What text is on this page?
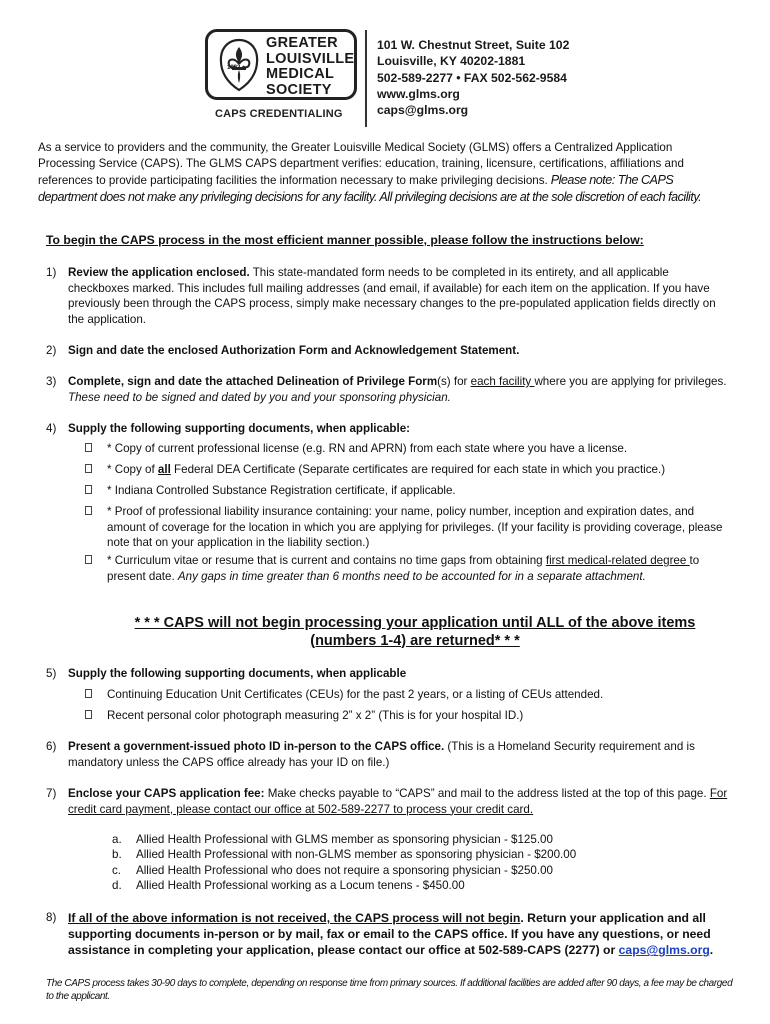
1892
GREATER
LOUISVILLE
MEDICAL
SOCIETY
CAPS CREDENTIALING
101 W. Chestnut Street, Suite 102
Louisville, KY 40202-1881
502-589-2277 • FAX 502-562-9584
www.glms.org
caps@glms.org
As a service to providers and the community, the Greater Louisville Medical Society (GLMS) offers a Centralized Application Processing Service (CAPS). The GLMS CAPS department verifies: education, training, licensure, certifications, affiliations and references to provide participating facilities the information necessary to make privileging decisions. Please note: The CAPS department does not make any privileging decisions for any facility. All privileging decisions are at the sole discretion of each facility.
To begin the CAPS process in the most efficient manner possible, please follow the instructions below:
1) Review the application enclosed. This state-mandated form needs to be completed in its entirety, and all applicable checkboxes marked. This includes full mailing addresses (and email, if available) for each item on the application. If you have previously been through the CAPS process, simply make necessary changes to the pre-populated application fields directly on the application.
2) Sign and date the enclosed Authorization Form and Acknowledgement Statement.
3) Complete, sign and date the attached Delineation of Privilege Form(s) for each facility where you are applying for privileges. These need to be signed and dated by you and your sponsoring physician.
4) Supply the following supporting documents, when applicable:
* Copy of current professional license (e.g. RN and APRN) from each state where you have a license.
* Copy of all Federal DEA Certificate (Separate certificates are required for each state in which you practice.)
* Indiana Controlled Substance Registration certificate, if applicable.
* Proof of professional liability insurance containing: your name, policy number, inception and expiration dates, and amount of coverage for the location in which you are applying for privileges. (If your facility is providing coverage, please note that on your application in the liability section.)
* Curriculum vitae or resume that is current and contains no time gaps from obtaining first medical-related degree to present date. Any gaps in time greater than 6 months need to be accounted for in a separate attachment.
* * * CAPS will not begin processing your application until ALL of the above items (numbers 1-4) are returned* * *
5) Supply the following supporting documents, when applicable
Continuing Education Unit Certificates (CEUs) for the past 2 years, or a listing of CEUs attended.
Recent personal color photograph measuring 2” x 2” (This is for your hospital ID.)
6) Present a government-issued photo ID in-person to the CAPS office. (This is a Homeland Security requirement and is mandatory unless the CAPS office already has your ID on file.)
7) Enclose your CAPS application fee: Make checks payable to “CAPS” and mail to the address listed at the top of this page. For credit card payment, please contact our office at 502-589-2277 to process your credit card.
a. Allied Health Professional with GLMS member as sponsoring physician - $125.00
b. Allied Health Professional with non-GLMS member as sponsoring physician - $200.00
c. Allied Health Professional who does not require a sponsoring physician - $250.00
d. Allied Health Professional working as a Locum tenens - $450.00
8) If all of the above information is not received, the CAPS process will not begin. Return your application and all supporting documents in-person or by mail, fax or email to the CAPS office. If you have any questions, or need assistance in completing your application, please contact our office at 502-589-CAPS (2277) or caps@glms.org.
The CAPS process takes 30-90 days to complete, depending on response time from primary sources. If additional facilities are added after 90 days, a fee may be charged to the applicant.
